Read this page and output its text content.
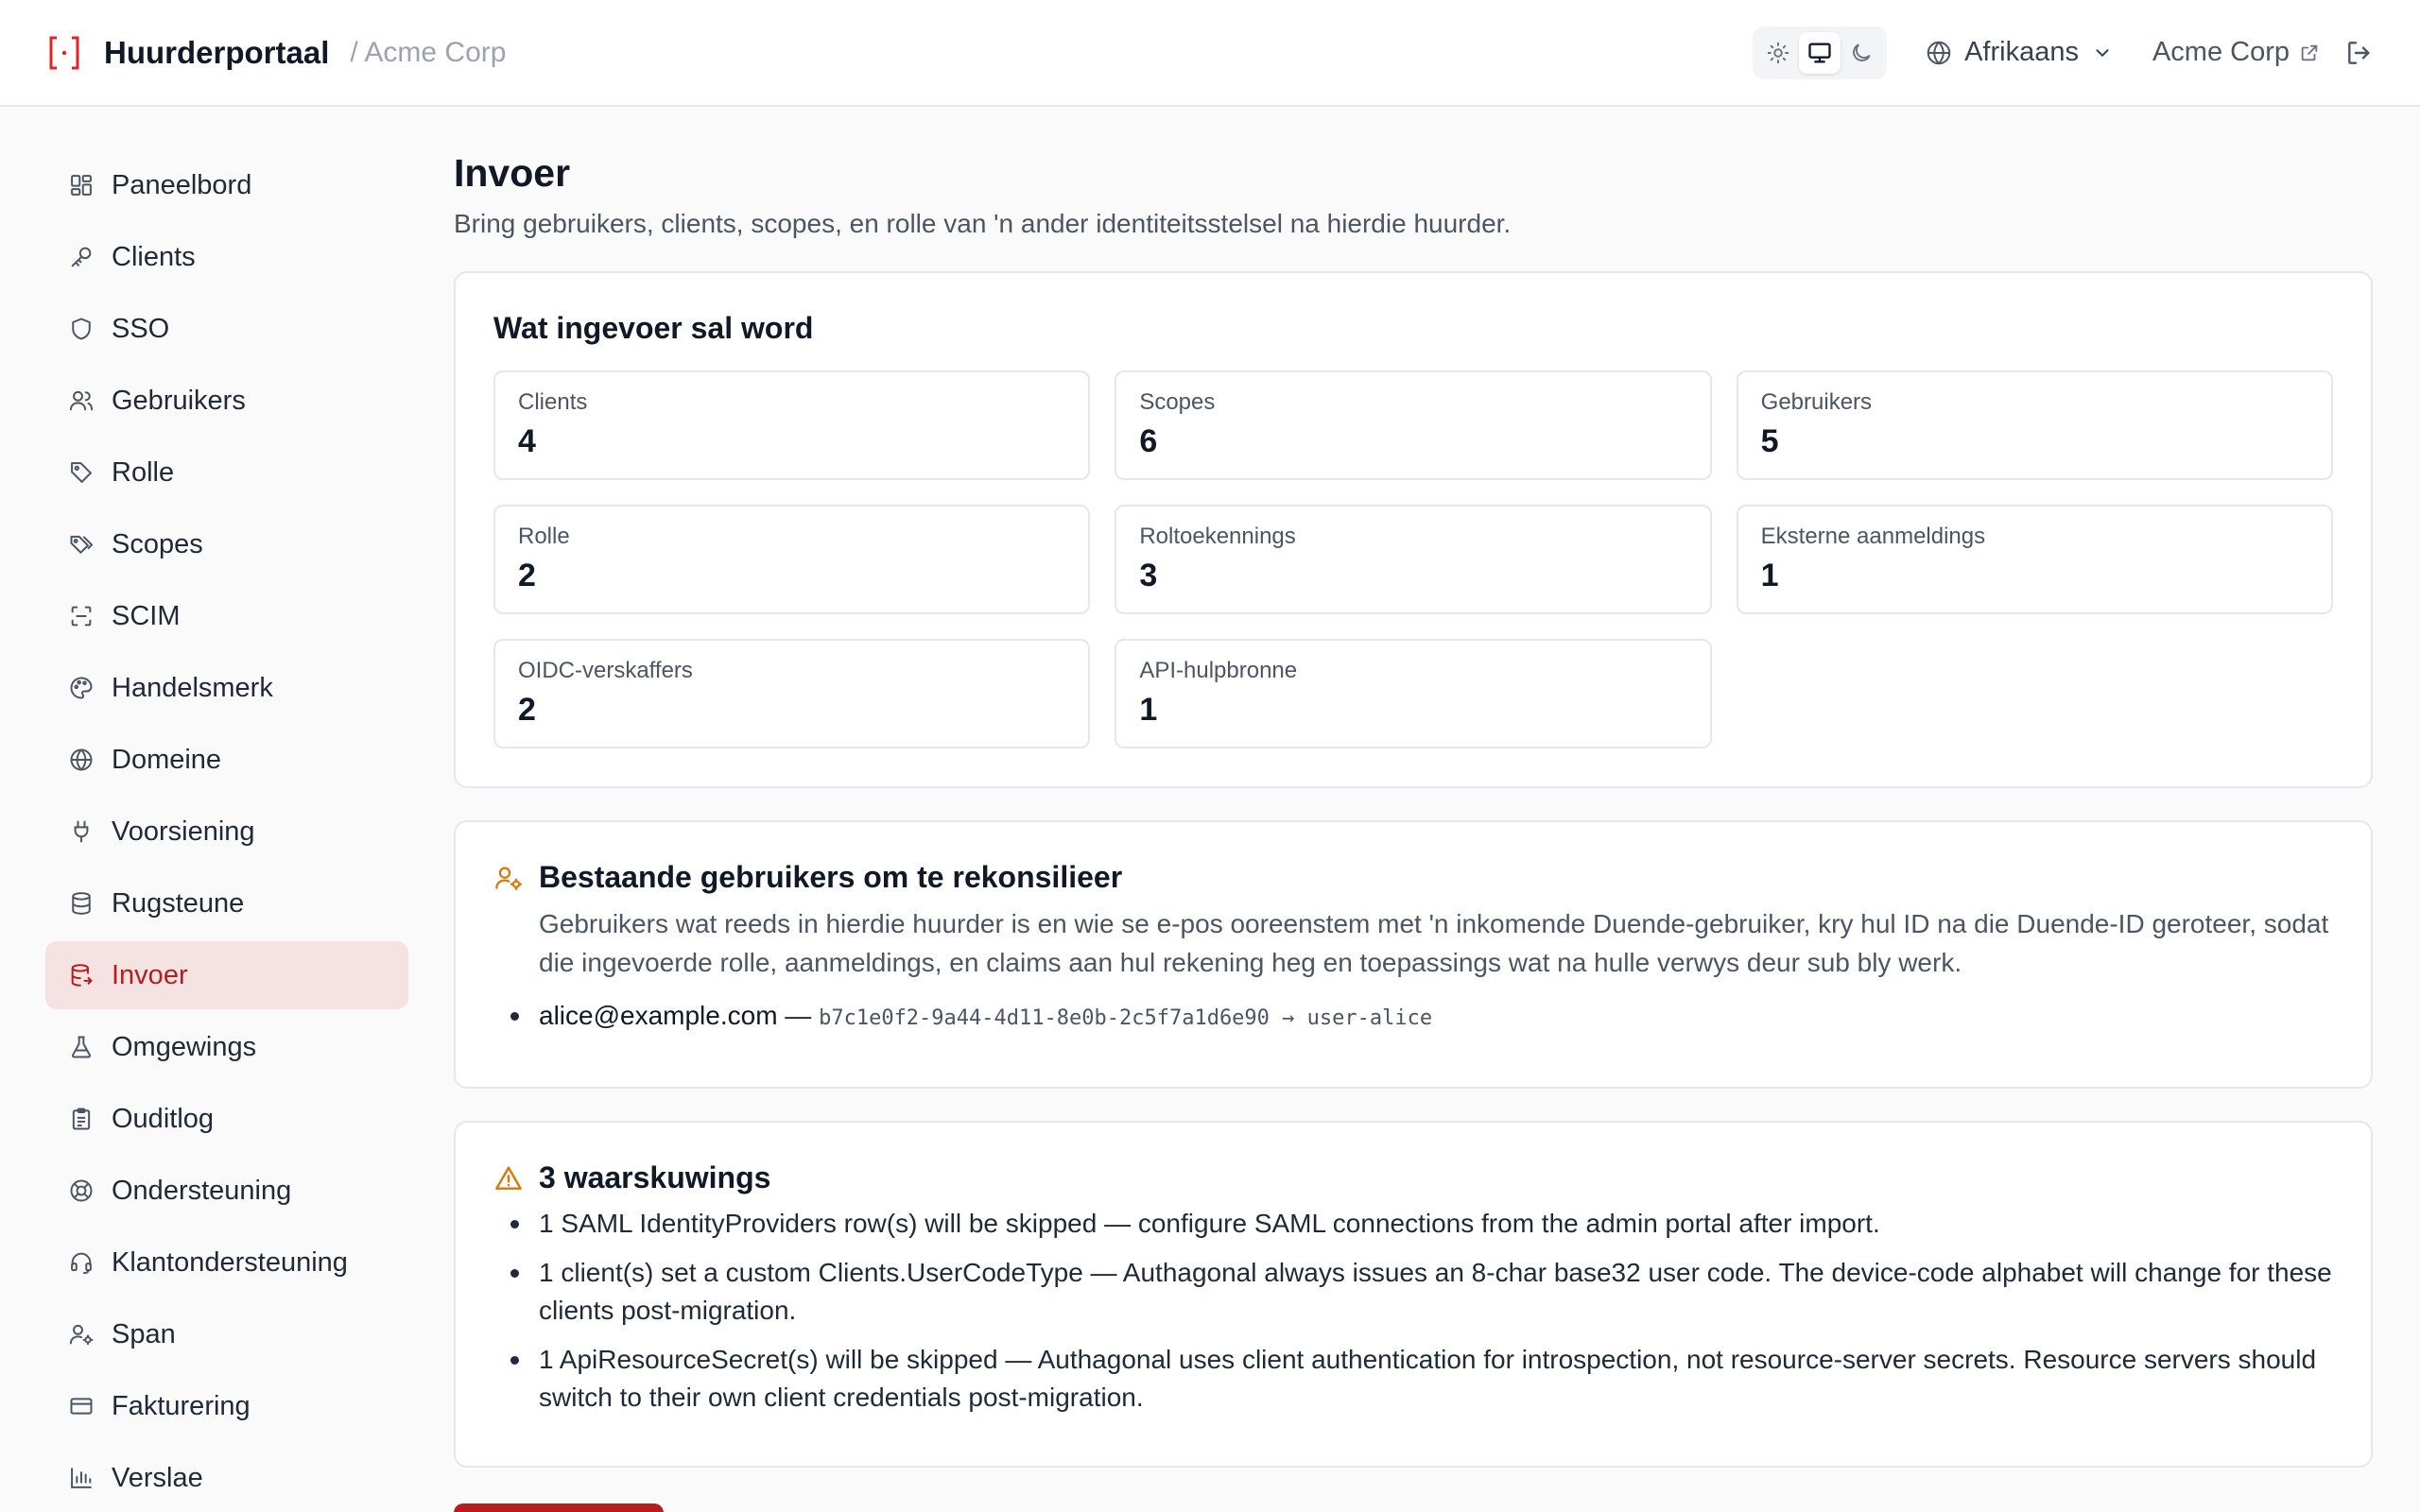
Huurderportaal / Acme Corp	Afrikaans	Acme Corp
Paneelbord
Clients
SSO
Gebruikers
Rolle
Scopes
SCIM
Handelsmerk
Domeine
Voorsiening
Rugsteune
Invoer
Omgewings
Ouditlog
Ondersteuning
Klantondersteuning
Span
Fakturering
Verslae
Invoer

Bring gebruikers, clients, scopes, en rolle van 'n ander identiteitsstelsel na hierdie huurder.

Wat ingevoer sal word
Clients
4
Scopes
6
Gebruikers
5
Rolle
2
Roltoekennings
3
Eksterne aanmeldings
1
OIDC-verskaffers
2
API-hulpbronne
1
Bestaande gebruikers om te rekonsilieer

Gebruikers wat reeds in hierdie huurder is en wie se e-pos ooreenstem met 'n inkomende Duende-gebruiker, kry hul ID na die Duende-ID geroteer, sodat die ingevoerde rolle, aanmeldings, en claims aan hul rekening heg en toepassings wat na hulle verwys deur sub bly werk.

alice@example.com — b7c1e0f2-9a44-4d11-8e0b-2c5f7a1d6e90 → user-alice
3 waarskuwings
1 SAML IdentityProviders row(s) will be skipped — configure SAML connections from the admin portal after import.
1 client(s) set a custom Clients.UserCodeType — Authagonal always issues an 8-char base32 user code. The device-code alphabet will change for these clients post-migration.
1 ApiResourceSecret(s) will be skipped — Authagonal uses client authentication for introspection, not resource-server secrets. Resource servers should switch to their own client credentials post-migration.
